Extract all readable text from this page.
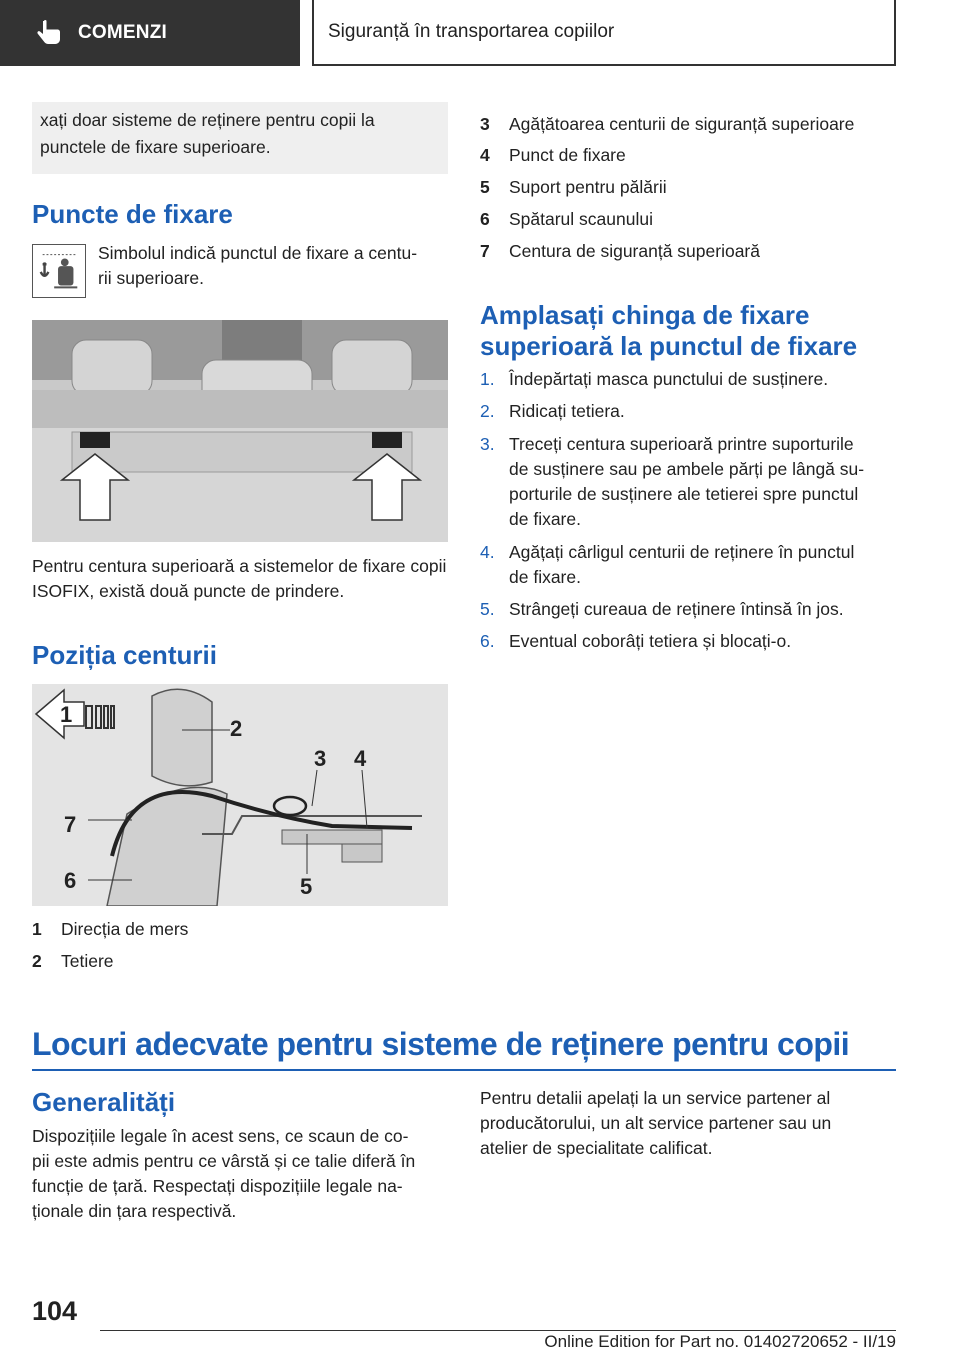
COMENZI	Siguranță în transportarea copiilor
xați doar sisteme de reținere pentru copii la punctele de fixare superioare.
Puncte de fixare
Simbolul indică punctul de fixare a centu-
rii superioare.
Pentru centura superioară a sistemelor de fixare copii ISOFIX, există două puncte de prindere.
Poziția centurii
1
2
3 4
5
6
7
1 Direcția de mers
2 Tetiere
3 Agățătoarea centurii de siguranță superioare
4 Punct de fixare
5 Suport pentru pălării
6 Spătarul scaunului
7 Centura de siguranță superioară
Amplasați chinga de fixare
superioară la punctul de fixare
1. Îndepărtați masca punctului de susținere.
2. Ridicați tetiera.
3. Treceți centura superioară printre suporturile
de susținere sau pe ambele părți pe lângă su-
porturile de susținere ale tetierei spre punctul
de fixare.
4. Agățați cârligul centurii de reținere în punctul
de fixare.
5. Strângeți cureaua de reținere întinsă în jos.
6. Eventual coborâți tetiera și blocați-o.
Locuri adecvate pentru sisteme de reținere pentru copii
Generalități
Dispozițiile legale în acest sens, ce scaun de co-
pii este admis pentru ce vârstă și ce talie diferă în
funcție de țară. Respectați dispozițiile legale na-
ționale din țara respectivă.
Pentru detalii apelați la un service partener al
producătorului, un alt service partener sau un
atelier de specialitate calificat.
104
Online Edition for Part no. 01402720652 - II/19
